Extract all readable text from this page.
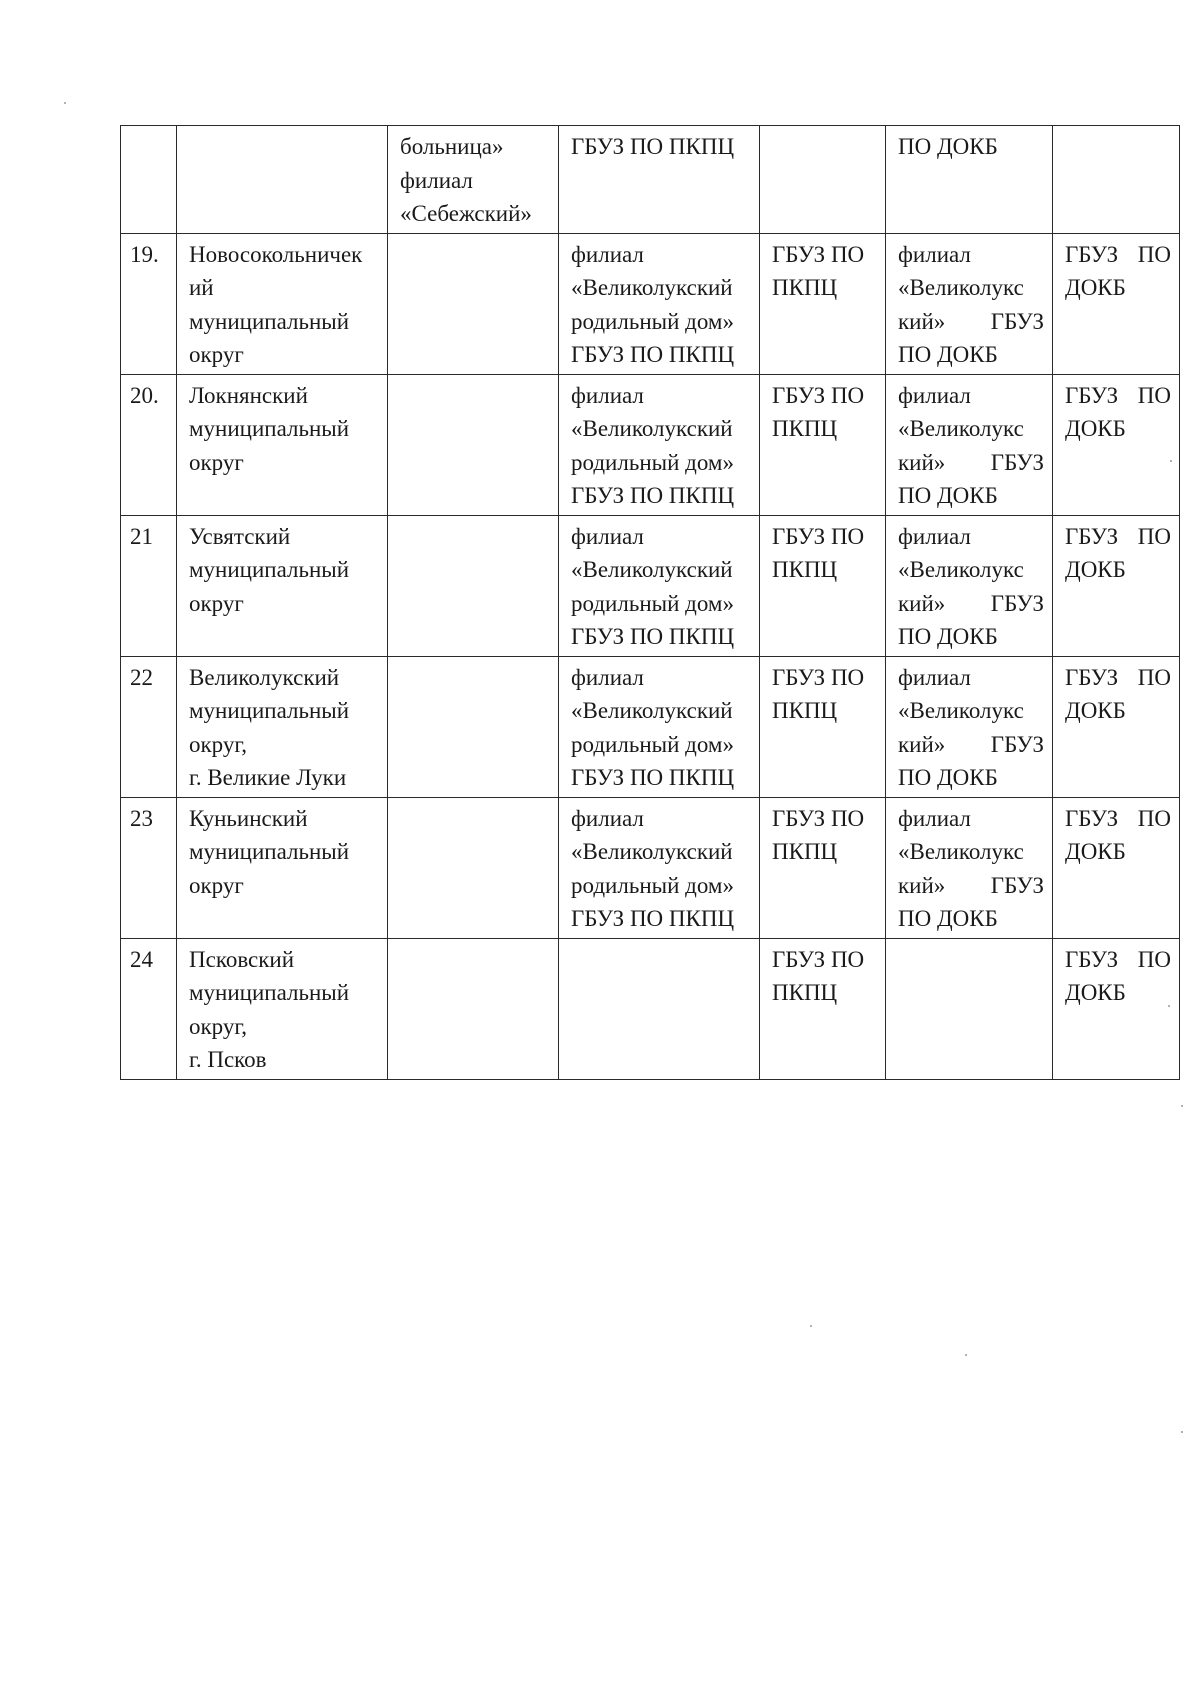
		больница»
филиал
«Себежский»	ГБУЗ ПО ПКПЦ		ПО ДОКБ	

19.	Новосокольничек
ий
муниципальный
округ		филиал
«Великолукский
родильный дом»
ГБУЗ ПО ПКПЦ	ГБУЗ ПО
ПКПЦ	филиал
«Великолукс
кий» ГБУЗ
ПО ДОКБ	ГБУЗ ПО
ДОКБ

20.	Локнянский
муниципальный
округ		филиал
«Великолукский
родильный дом»
ГБУЗ ПО ПКПЦ	ГБУЗ ПО
ПКПЦ	филиал
«Великолукс
кий» ГБУЗ
ПО ДОКБ	ГБУЗ ПО
ДОКБ

21	Усвятский
муниципальный
округ		филиал
«Великолукский
родильный дом»
ГБУЗ ПО ПКПЦ	ГБУЗ ПО
ПКПЦ	филиал
«Великолукс
кий» ГБУЗ
ПО ДОКБ	ГБУЗ ПО
ДОКБ

22	Великолукский
муниципальный
округ,
г. Великие Луки		филиал
«Великолукский
родильный дом»
ГБУЗ ПО ПКПЦ	ГБУЗ ПО
ПКПЦ	филиал
«Великолукс
кий» ГБУЗ
ПО ДОКБ	ГБУЗ ПО
ДОКБ

23	Куньинский
муниципальный
округ		филиал
«Великолукский
родильный дом»
ГБУЗ ПО ПКПЦ	ГБУЗ ПО
ПКПЦ	филиал
«Великолукс
кий» ГБУЗ
ПО ДОКБ	ГБУЗ ПО
ДОКБ

24	Псковский
муниципальный
округ,
г. Псков			ГБУЗ ПО
ПКПЦ		ГБУЗ ПО
ДОКБ
